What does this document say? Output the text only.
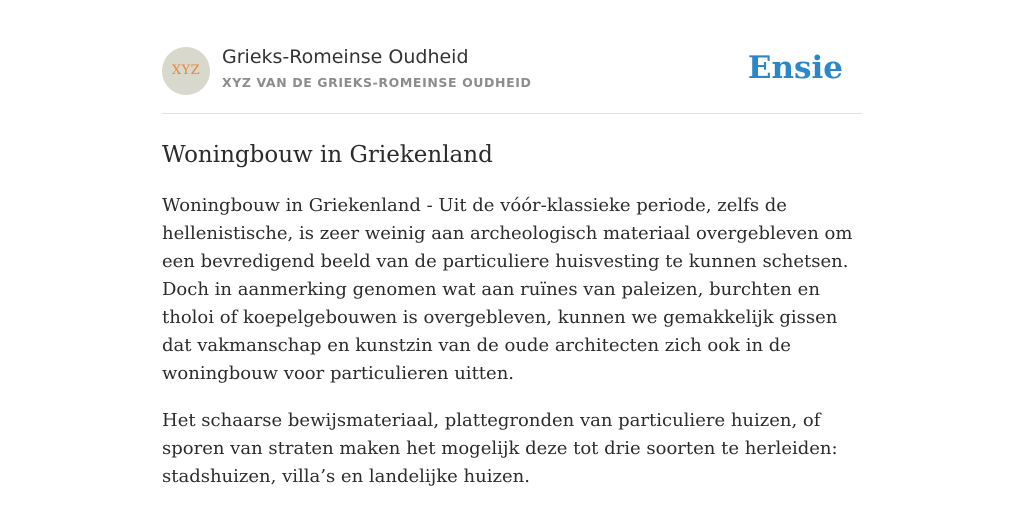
XYZ
Grieks-Romeinse Oudheid
XYZ VAN DE GRIEKS-ROMEINSE OUDHEID	Ensie
Woningbouw in Griekenland

Woningbouw in Griekenland - Uit de vóór-klassieke periode, zelfs de hellenistische, is zeer weinig aan archeologisch materiaal overgebleven om een bevredigend beeld van de particuliere huisvesting te kunnen schetsen. Doch in aanmerking genomen wat aan ruïnes van paleizen, burchten en tholoi of koepelgebouwen is overgebleven, kunnen we gemakkelijk gissen dat vakmanschap en kunstzin van de oude architecten zich ook in de woningbouw voor particulieren uitten.

Het schaarse bewijsmateriaal, plattegronden van particuliere huizen, of sporen van straten maken het mogelijk deze tot drie soorten te herleiden: stadshuizen, villa’s en landelijke huizen.
